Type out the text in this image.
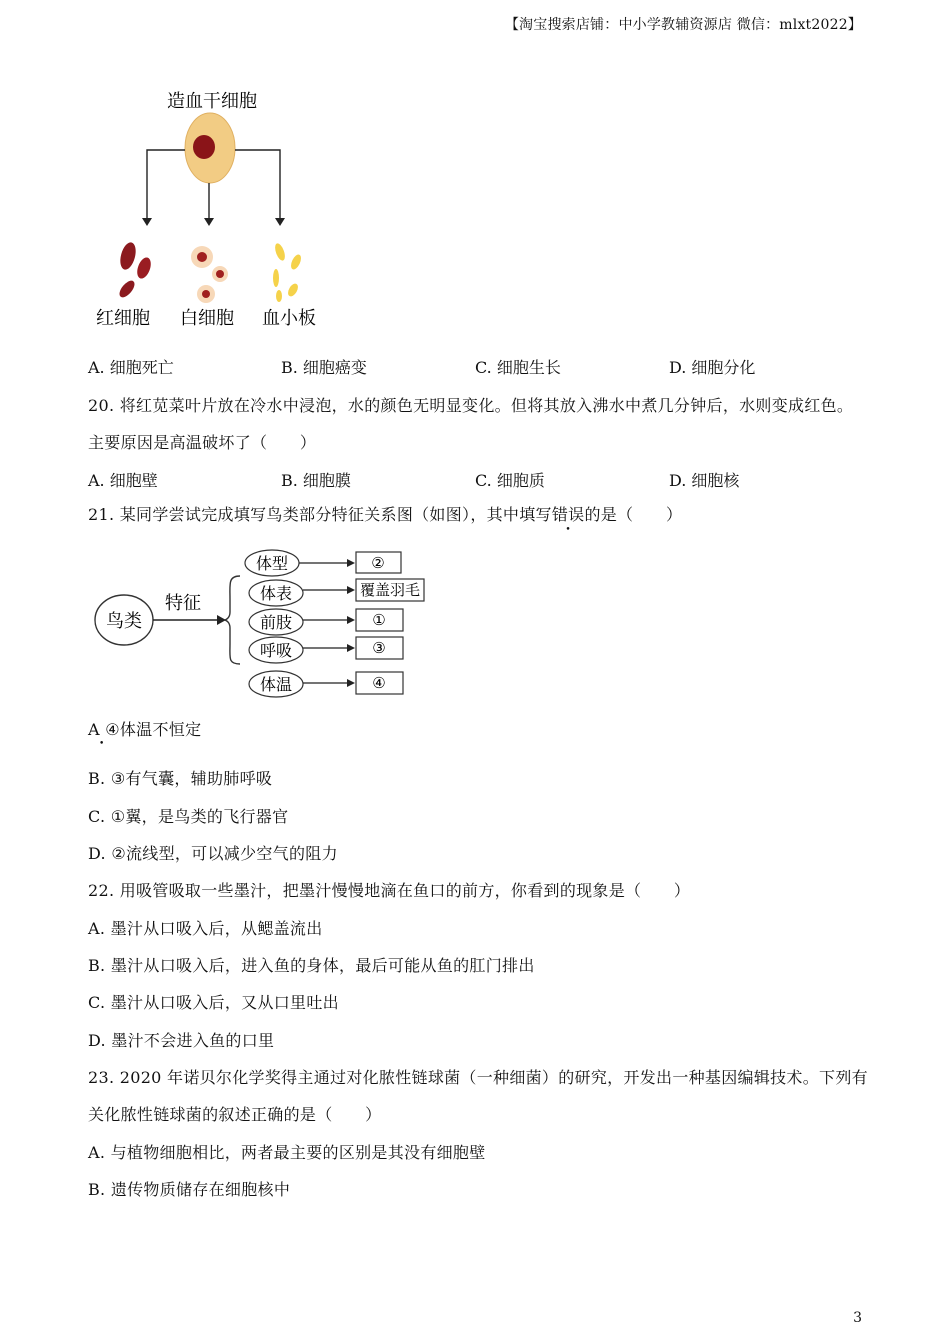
【淘宝搜索店铺：中小学教辅资源店 微信：mlxt2022】
造血干细胞
红细胞 白细胞 血小板
A. 细胞死亡	B. 细胞癌变	C. 细胞生长	D. 细胞分化
20. 将红苋菜叶片放在冷水中浸泡，水的颜色无明显变化。但将其放入沸水中煮几分钟后，水则变成红色。
主要原因是高温破坏了（　　）
A. 细胞壁	B. 细胞膜	C. 细胞质	D. 细胞核
21. 某同学尝试完成填写鸟类部分特征关系图（如图），其中填写错误的是（　　）
鸟类
特征
体型	②
体表	覆盖羽毛
前肢	①
呼吸	③
体温	④
A ④体温不恒定
•
B. ③有气囊，辅助肺呼吸
C. ①翼，是鸟类的飞行器官
D. ②流线型，可以减少空气的阻力
22. 用吸管吸取一些墨汁，把墨汁慢慢地滴在鱼口的前方，你看到的现象是（　　）
A. 墨汁从口吸入后，从鳃盖流出
B. 墨汁从口吸入后，进入鱼的身体，最后可能从鱼的肛门排出
C. 墨汁从口吸入后，又从口里吐出
D. 墨汁不会进入鱼的口里
23. 2020 年诺贝尔化学奖得主通过对化脓性链球菌（一种细菌）的研究，开发出一种基因编辑技术。下列有
关化脓性链球菌的叙述正确的是（　　）
A. 与植物细胞相比，两者最主要的区别是其没有细胞壁
B. 遗传物质储存在细胞核中
3
